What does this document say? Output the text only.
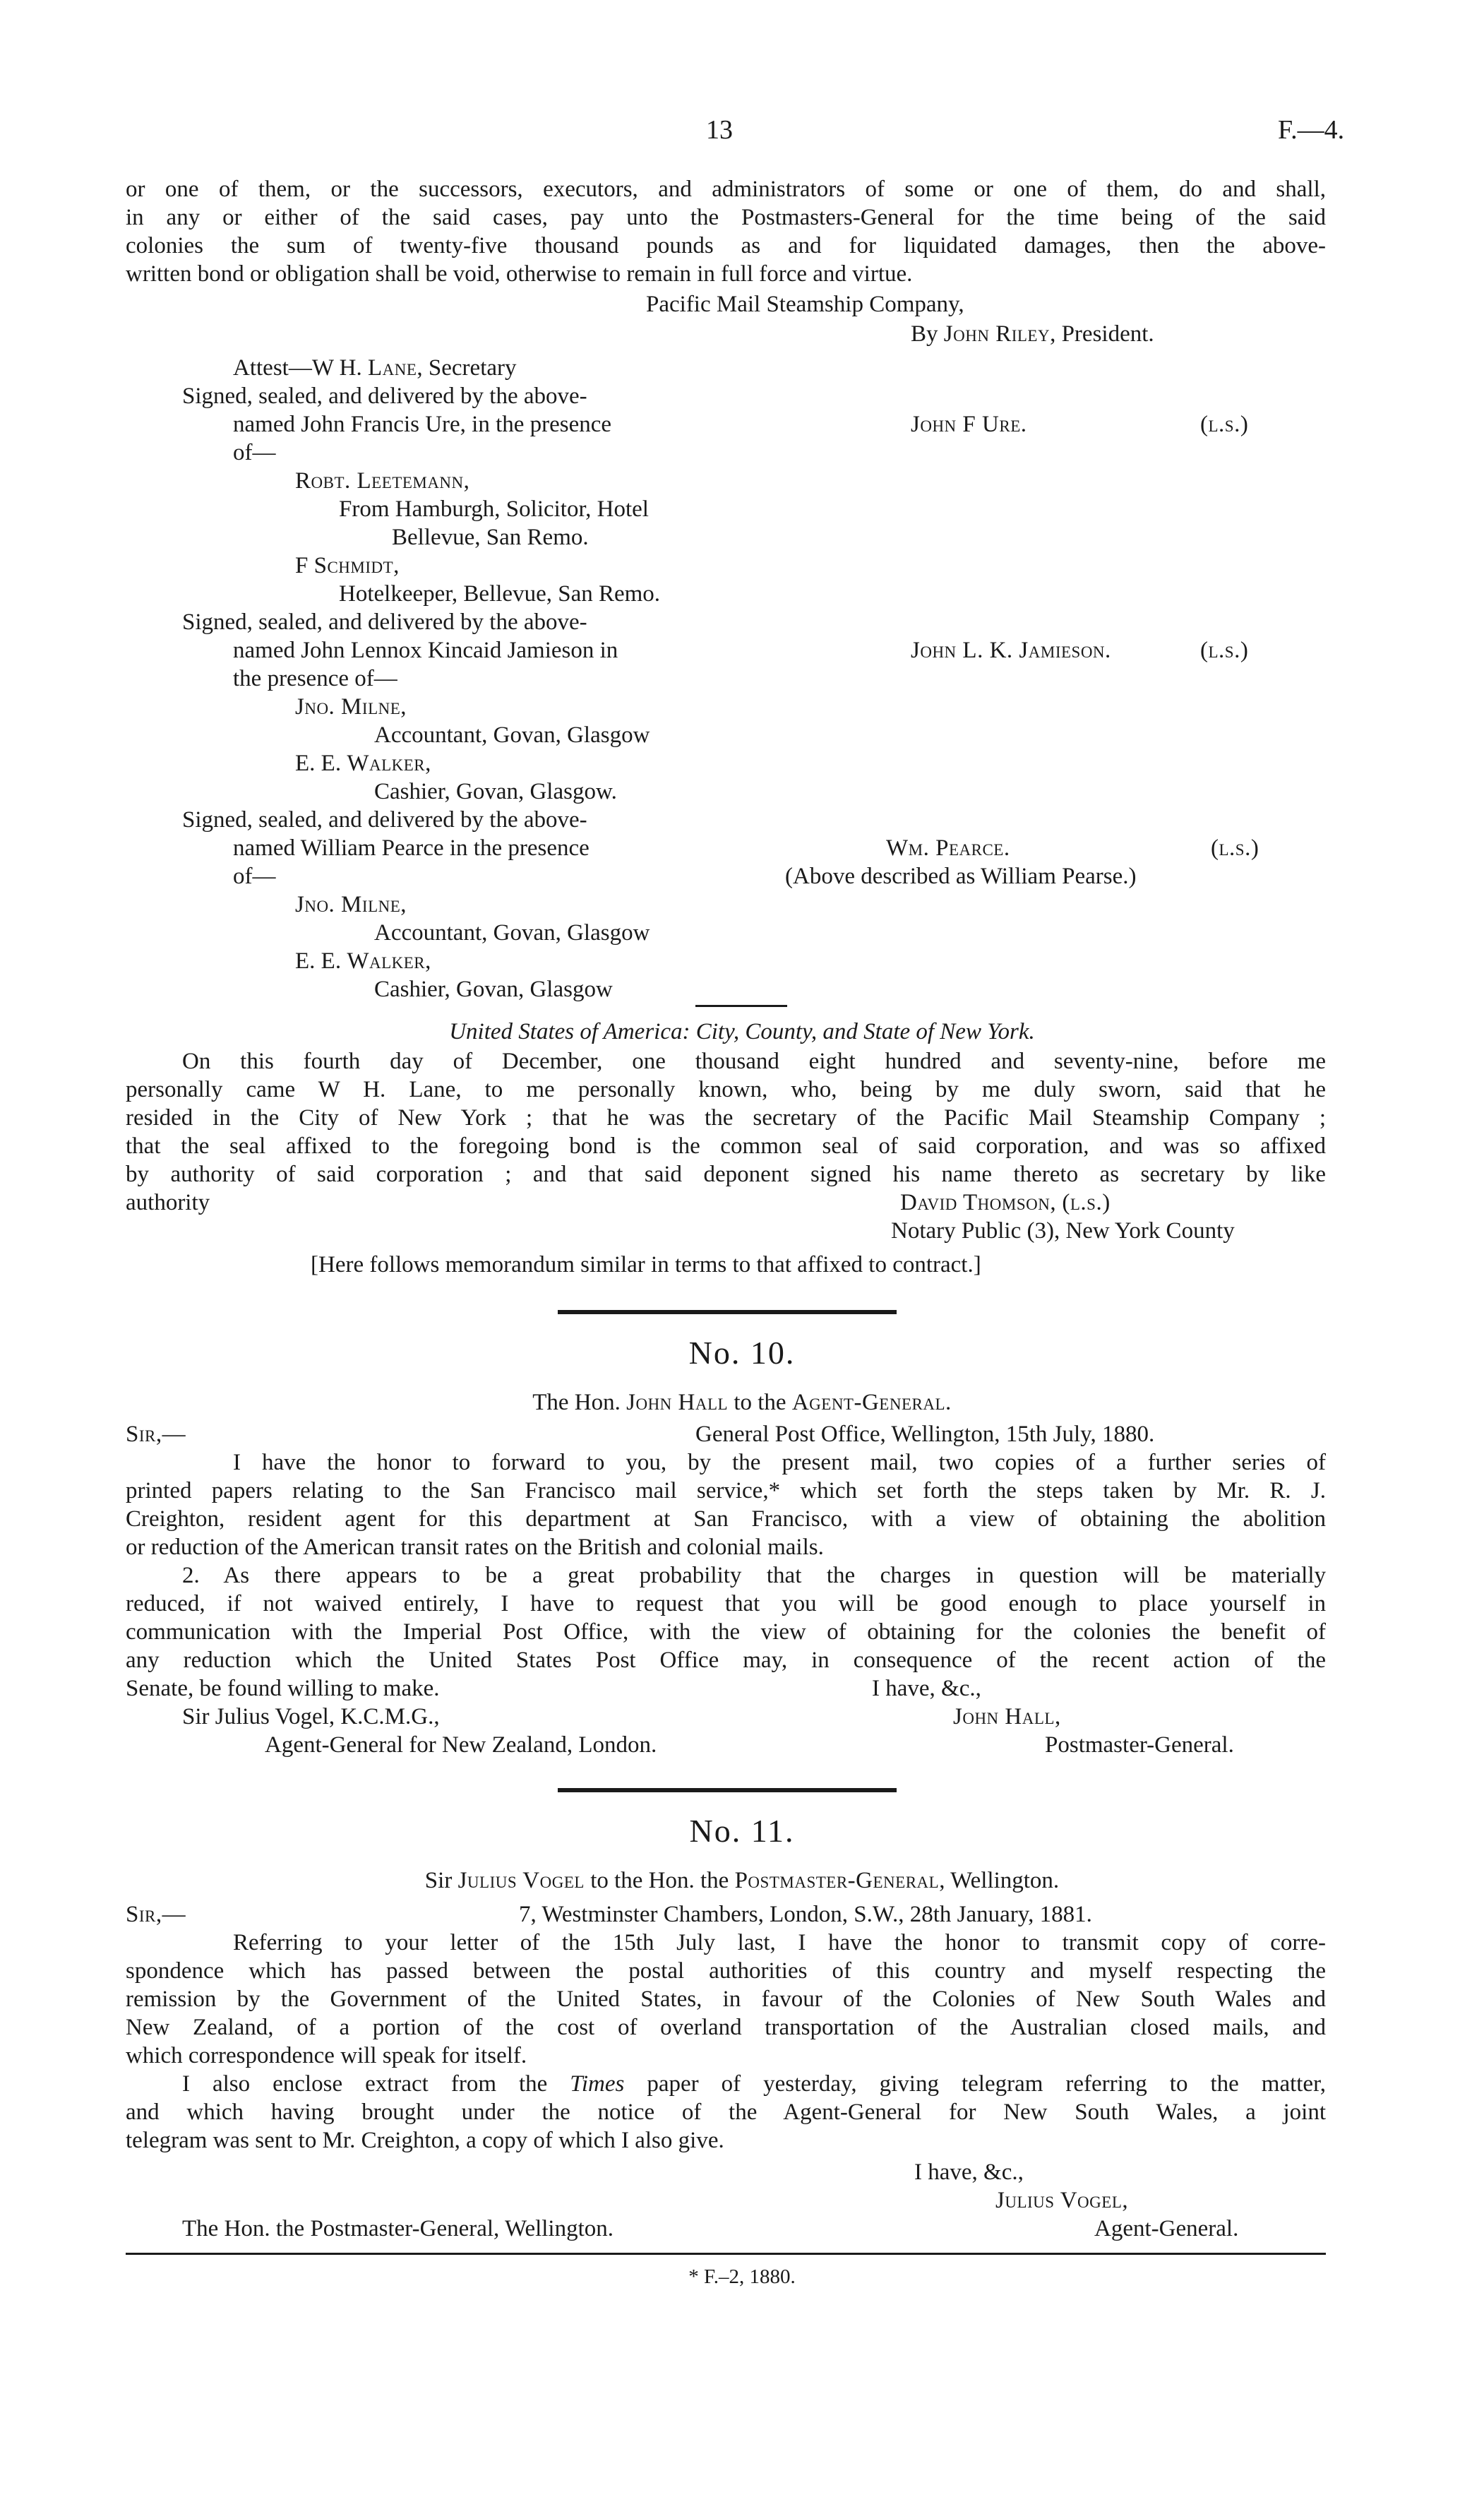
13	F.—4.
or one of them, or the successors, executors, and administrators of some or one of them, do and shall,
in any or either of the said cases, pay unto the Postmasters-General for the time being of the said
colonies the sum of twenty-five thousand pounds as and for liquidated damages, then the above-
written bond or obligation shall be void, otherwise to remain in full force and virtue.
Pacific Mail Steamship Company,
By John Riley, President.
Attest—W H. Lane, Secretary
Signed, sealed, and delivered by the above-
named John Francis Ure, in the presence
of—
John F Ure.	(l.s.)
Robt. Leetemann,
From Hamburgh, Solicitor, Hotel
Bellevue, San Remo.
F Schmidt,
Hotelkeeper, Bellevue, San Remo.
Signed, sealed, and delivered by the above-
named John Lennox Kincaid Jamieson in
the presence of—
John L. K. Jamieson.	(l.s.)
Jno. Milne,
Accountant, Govan, Glasgow
E. E. Walker,
Cashier, Govan, Glasgow.
Signed, sealed, and delivered by the above-
named William Pearce in the presence
of—
Wm. Pearce.	(l.s.)
(Above described as William Pearse.)
Jno. Milne,
Accountant, Govan, Glasgow
E. E. Walker,
Cashier, Govan, Glasgow
United States of America: City, County, and State of New York.
On this fourth day of December, one thousand eight hundred and seventy-nine, before me
personally came W H. Lane, to me personally known, who, being by me duly sworn, said that he
resided in the City of New York ; that he was the secretary of the Pacific Mail Steamship Company ;
that the seal affixed to the foregoing bond is the common seal of said corporation, and was so affixed
by authority of said corporation ; and that said deponent signed his name thereto as secretary by like
authority	David Thomson, (l.s.)
Notary Public (3), New York County
[Here follows memorandum similar in terms to that affixed to contract.]
No. 10.
The Hon. John Hall to the Agent-General.
Sir,—	General Post Office, Wellington, 15th July, 1880.
I have the honor to forward to you, by the present mail, two copies of a further series of
printed papers relating to the San Francisco mail service,* which set forth the steps taken by Mr. R. J.
Creighton, resident agent for this department at San Francisco, with a view of obtaining the abolition
or reduction of the American transit rates on the British and colonial mails.
2. As there appears to be a great probability that the charges in question will be materially
reduced, if not waived entirely, I have to request that you will be good enough to place yourself in
communication with the Imperial Post Office, with the view of obtaining for the colonies the benefit of
any reduction which the United States Post Office may, in consequence of the recent action of the
Senate, be found willing to make.	I have, &c.,
Sir Julius Vogel, K.C.M.G.,	John Hall,
Agent-General for New Zealand, London.	Postmaster-General.
No. 11.
Sir Julius Vogel to the Hon. the Postmaster-General, Wellington.
Sir,—	7, Westminster Chambers, London, S.W., 28th January, 1881.
Referring to your letter of the 15th July last, I have the honor to transmit copy of corre-
spondence which has passed between the postal authorities of this country and myself respecting the
remission by the Government of the United States, in favour of the Colonies of New South Wales and
New Zealand, of a portion of the cost of overland transportation of the Australian closed mails, and
which correspondence will speak for itself.
I also enclose extract from the Times paper of yesterday, giving telegram referring to the matter,
and which having brought under the notice of the Agent-General for New South Wales, a joint
telegram was sent to Mr. Creighton, a copy of which I also give.
I have, &c.,
Julius Vogel,
The Hon. the Postmaster-General, Wellington.	Agent-General.
* F.–2, 1880.
